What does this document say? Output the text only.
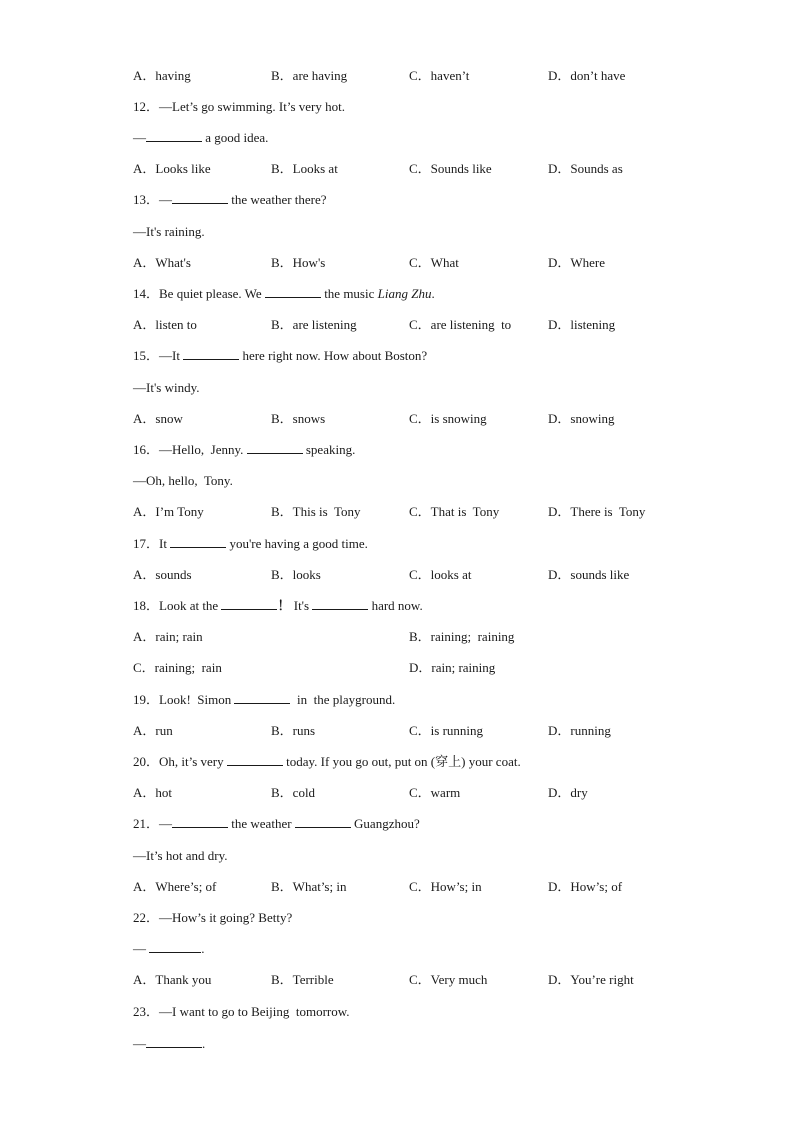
A．having	B．are having	C．haven’t	D．don’t have
12．—Let’s go swimming. It’s very hot.
—	a good idea.
A．Looks like	B．Looks at	C．Sounds like	D．Sounds as
13．—	the weather there?
—It's raining.
A．What's	B．How's	C．What	D．Where
14．Be quiet please. We	the music Liang Zhu.
A．listen to	B．are listening	C．are listening  to	D．listening
15．—It	here right now. How about Boston?
—It's windy.
A．snow	B．snows	C．is snowing	D．snowing
16．—Hello,  Jenny.	speaking.
—Oh, hello,  Tony.
A．I’m Tony	B．This is  Tony	C．That is  Tony	D．There is  Tony
17．It	you're having a good time.
A．sounds	B．looks	C．looks at	D．sounds like
18．Look at the	！ It's	hard now.
A．rain; rain	B．raining;  raining
C．raining;  rain	D．rain; raining
19．Look!  Simon	in  the playground.
A．run	B．runs	C．is running	D．running
20．Oh, it’s very	today. If you go out, put on (穿上) your coat.
A．hot	B．cold	C．warm	D．dry
21．—	the weather	Guangzhou?
—It’s hot and dry.
A．Where’s; of	B．What’s; in	C．How’s; in	D．How’s; of
22．—How’s it going? Betty?
—	.
A．Thank you	B．Terrible	C．Very much	D．You’re right
23．—I want to go to Beijing  tomorrow.
—	.
